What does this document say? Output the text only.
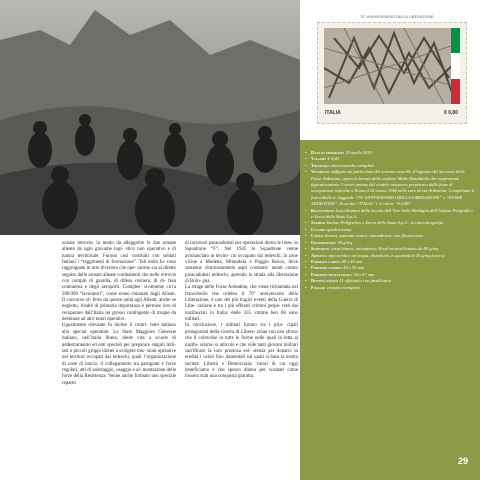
70° ANNIVERSARIO DELLA LIBERAZIONE
ITALIA	€ 0,80

zonale retrovie, in modo da alleggerire le due armate alleate da ogni gravame logi- stico non operativo e di natura territoriale. Furono così costituiti con soldati Italiani i “reggimenti di formazione”. Tali unità fu- rono raggruppate in otto divisioni che ope- rarono sia al diretto seguito delle armate alleate combattenti che nelle retrovie con compiti di guardia, di difesa costiera, di di- fesa contraerea e degli aeroporti. Comples- sivamente circa 200.000 “lavoratori”, come erano chiamati dagli Alleati. Il concorso of- ferto da queste unità agli Alleati, anche se negletto, risultò di primaria importanza e permise loro di recuperare dall’Italia un grosso contingente di truppe da destinare ad altri teatri operativi.

Ugualmente rilevante fu inoltre il contri- buto italiano allo special operation. Lo Stato Maggiore Generale italiano, nell’Italia libera, diede vita a scuole di addestramento ed enti speciali per preparare singoli mili- tari o piccoli gruppi idonei a svolgere mis- sioni operative nei territori occupati dai tedeschi, quali l’organizzazione di zone di lancio, il collegamento tra partigiani e forze regolari, atti di sabotaggio, usaggio e al- mentazione delle forze della Resistenza. Venne anche formato uno speciale reparto

di incursori paracadutisti per operazioni dietro le linee, lo Squadrone “F”. Nel 1945 lo Squadrone venne aviolanciato in territo- rio occupato dai tedeschi, in zone vicine a Modena, Mirandola e Poggio Rusco, dove sostenne vittoriosamente aspri combatti- menti contro paracadutisti tedeschi, aprendo la strada alla liberazione di Bolo- gna.

La strage delle Fosse Ardeatine, che viene richiamata nel francobollo che celebra il 70° anniversario della Liberazione, è uno dei più tragici eventi della Guerra di Libe- razione e tra i più efferati crimini perpe- trati dai nazifascisti in Italia: delle 335 vittime ben 68 sono militari.

In conclusione, i militari furono tra i prin- cipali protagonisti della Guerra di Libera- zione con uno sforzo che li coinvolse in tutte le forme nelle quali la lotta al nazifa- scismo si articolò e che vide tanti giovani militari sacrificare la loro preziosa esi- stenza per donarci in eredità i valori fon- damentali sui quali si basa la nostra società: Libertà e Democrazia; valori di cui oggi beneficiamo e che spesso diamo per scontati come fossero stati una conquista gratuita.

• Data di emissione: 25 aprile 2015
• Valore: € 0,80
• Tiratura: ottocentomila esemplari
• Vignetta: raffigura un particolare del solenne cancello d’ingresso del Sacrario delle Fosse Ardeatine, opera in bronzo dello scultore Mirko Basaldella che rappresenta figurativamente l’orrore umano del crudele massacro perpetrato dalle forze di occupazione tedesche a Roma il 24 marzo 1944 nelle cave di via Ardeatina. Completano il francobollo le leggende “70° ANNIVERSARIO DELLA LIBERAZIONE” e “FOSSE ARDEATINE”, la scritta “ITALIA” e il valore “€ 0,80”
• Bozzettista: Luca Romani della Scuola dell’Arte della Medaglia dell’Istituto Poligrafico e Zecca dello Stato S.p.A.
• Stampa: Istituto Poligrafico e Zecca dello Stato S.p.A., in rotocalcografia
• Colori: quadricromia
• Carta: bianca, patinata neutra, autoadesiva, non fluorescente
• Grammatura: 90 g/mq
• Supporto: carta bianca, autoadesivo Kraft monosiliconato da 80 g/mq
• Adesivo: tipo acrilico ad acqua, distribuito in quantità di 20 g/mq (secco)
• Formato carta: 48 x 40 mm
• Formato stampa: 44 x 36 mm
• Formato tracciatura: 54 x 47 mm
• Dentellatura: 11 effettuata con fustellatura
• Foglio: ventotto esemplari
29
